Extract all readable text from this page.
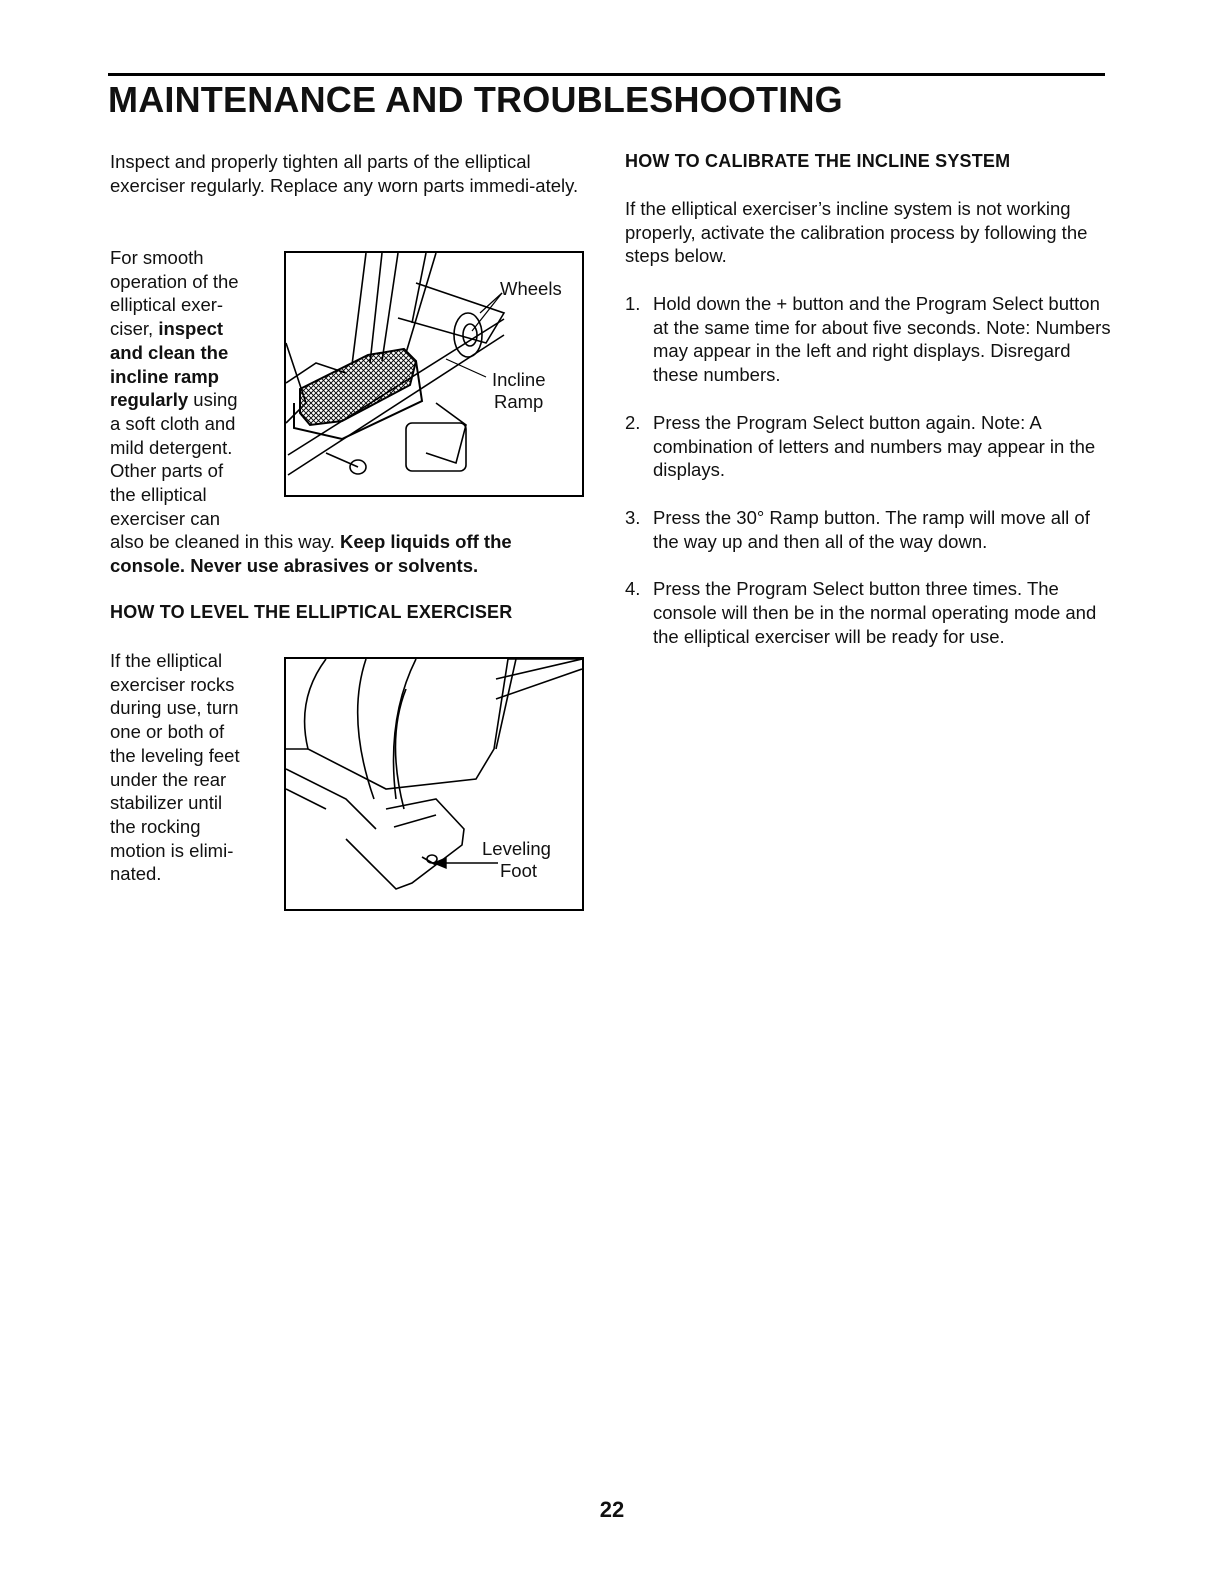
MAINTENANCE AND TROUBLESHOOTING

Inspect and properly tighten all parts of the elliptical exerciser regularly. Replace any worn parts immedi-ately.

For smooth
operation of the
elliptical exer-
ciser, inspect
and clean the
incline ramp
regularly using
a soft cloth and
mild detergent.
Other parts of
the elliptical
exerciser can

also be cleaned in this way. Keep liquids off the console. Never use abrasives or solvents.

Wheels
Incline
Ramp
HOW TO LEVEL THE ELLIPTICAL EXERCISER

If the elliptical
exerciser rocks
during use, turn
one or both of
the leveling feet
under the rear
stabilizer until
the rocking
motion is elimi-
nated.

Leveling
Foot
HOW TO CALIBRATE THE INCLINE SYSTEM

If the elliptical exerciser’s incline system is not working properly, activate the calibration process by following the steps below.

1. Hold down the + button and the Program Select button at the same time for about five seconds. Note: Numbers may appear in the left and right displays. Disregard these numbers.
2. Press the Program Select button again. Note: A combination of letters and numbers may appear in the displays.
3. Press the 30° Ramp button. The ramp will move all of the way up and then all of the way down.
4. Press the Program Select button three times. The console will then be in the normal operating mode and the elliptical exerciser will be ready for use.
22
